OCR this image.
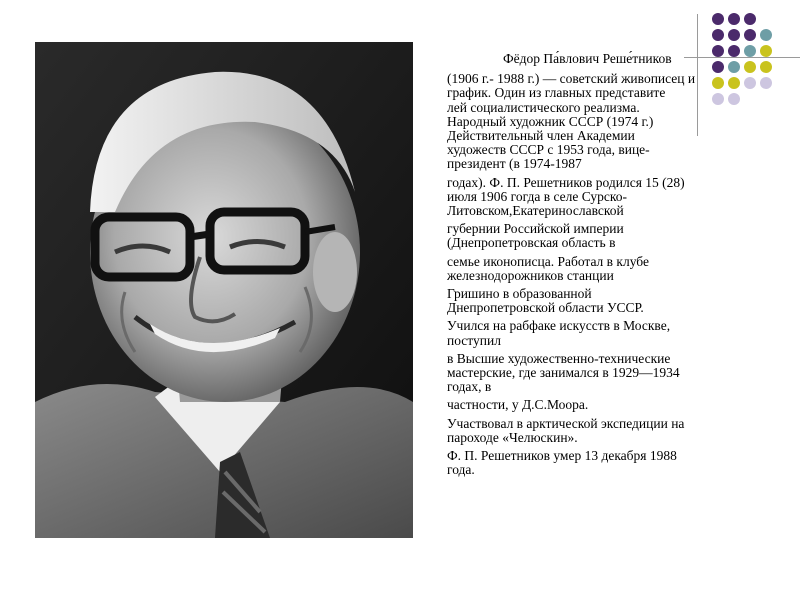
Фёдор Па́влович Реше́тников
(1906 г.- 1988 г.) — советский живописец и
график. Один из главных представите
лей социалистического реализма.
Народный художник СССР (1974 г.)
Действительный член Академии
художеств СССР с 1953 года, вице-
президент (в 1974-1987
годах). Ф. П. Решетников родился 15 (28)
июля 1906 гогда в селе Сурско-
Литовском,Екатеринославской
губернии Российской империи
(Днепропетровская область в
семье иконописца. Работал в клубе
железнодорожников станции
Гришино в образованной
Днепропетровской области УССР.
Учился на рабфаке искусств в Москве,
поступил
в Высшие художественно-технические
мастерские, где занимался в 1929—1934
годах, в
частности, у Д.С.Моора.
Участвовал в арктической экспедиции на
пароходе «Челюскин».
Ф. П. Решетников умер 13 декабря 1988
года.
